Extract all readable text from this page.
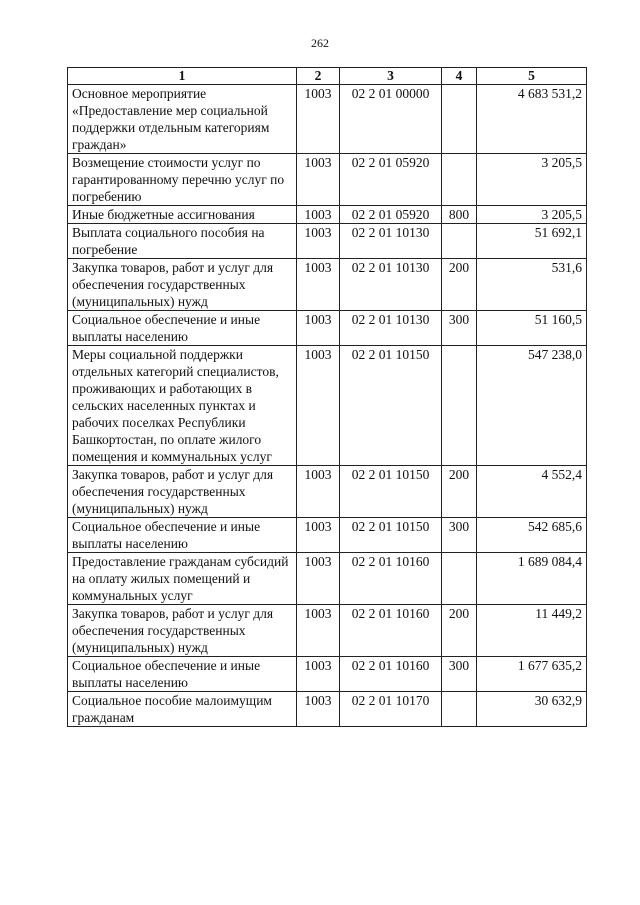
262
1	2	3	4	5
Основное мероприятие «Предоставление мер социальной поддержки отдельным категориям граждан»	1003	02 2 01 00000		4 683 531,2
Возмещение стоимости услуг по гарантированному перечню услуг по погребению	1003	02 2 01 05920		3 205,5
Иные бюджетные ассигнования	1003	02 2 01 05920	800	3 205,5
Выплата социального пособия на погребение	1003	02 2 01 10130		51 692,1
Закупка товаров, работ и услуг для обеспечения государственных (муниципальных) нужд	1003	02 2 01 10130	200	531,6
Социальное обеспечение и иные выплаты населению	1003	02 2 01 10130	300	51 160,5
Меры социальной поддержки отдельных категорий специалистов, проживающих и работающих в сельских населенных пунктах и рабочих поселках Республики Башкортостан, по оплате жилого помещения и коммунальных услуг	1003	02 2 01 10150		547 238,0
Закупка товаров, работ и услуг для обеспечения государственных (муниципальных) нужд	1003	02 2 01 10150	200	4 552,4
Социальное обеспечение и иные выплаты населению	1003	02 2 01 10150	300	542 685,6
Предоставление гражданам субсидий на оплату жилых помещений и коммунальных услуг	1003	02 2 01 10160		1 689 084,4
Закупка товаров, работ и услуг для обеспечения государственных (муниципальных) нужд	1003	02 2 01 10160	200	11 449,2
Социальное обеспечение и иные выплаты населению	1003	02 2 01 10160	300	1 677 635,2
Социальное пособие малоимущим гражданам	1003	02 2 01 10170		30 632,9
